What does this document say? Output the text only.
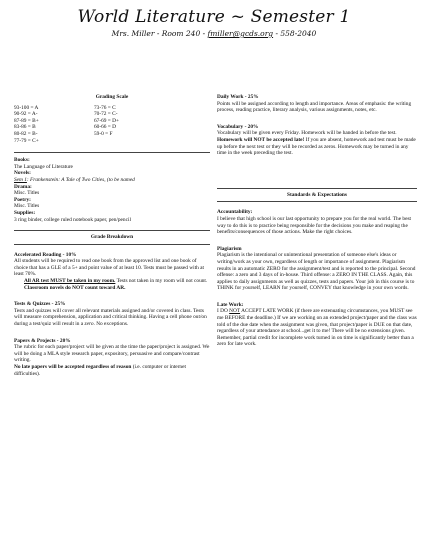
World Literature ~ Semester 1
Mrs. Miller - Room 240 - fmiller@gcds.org - 558-2040
Grading Scale
93-100 = A	73-76 = C
90-92 = A-	70-72 = C-
87-89 = B+	67-69 = D+
83-86 = B	60-66 = D
80-82 = B-	59-0 = F
77-79 = C+

Books:

The Language of Literature

Novels:

Sem 1: Frankenstein: A Tale of Two Cities, (to be named

Drama:

Misc. Titles

Poetry:

Misc. Titles

Supplies:

3 ring binder, college ruled notebook paper, pen/pencil

Grade Breakdown

Accelerated Reading - 10%

All students will be required to read one book from the approved list and one book of choice that has a GLE of a 5+ and point value of at least 10. Tests must be passed with at least 70%.

All AR test MUST be taken in my room. Tests not taken in my room will not count.

Classroom novels do NOT count toward AR.

Tests & Quizzes - 25%

Tests and quizzes will cover all relevant materials assigned and/or covered in class. Tests will measure comprehension, application and critical thinking. Having a cell phone out/on during a test/quiz will result in a zero. No exceptions.

Papers & Projects - 20%

The rubric for each paper/project will be given at the time the paper/project is assigned. We will be doing a MLA style research paper, expository, persuasive and compare/contrast writing.

No late papers will be accepted regardless of reason (i.e. computer or internet difficulties).

Daily Work - 25%

Points will be assigned according to length and importance. Areas of emphasis: the writing process, reading practice, literary analysis, various assignments, notes, etc.

Vocabulary - 20%

Vocabulary will be given every Friday. Homework will be handed in before the test. Homework will NOT be accepted late! If you are absent, homework and test must be made up before the next test or they will be recorded as zeros. Homework may be turned in any time in the week preceding the test.

Standards & Expectations

Accountability:

I believe that high school is our last opportunity to prepare you for the real world. The best way to do this is to practice being responsible for the decisions you make and reaping the benefits/consequences of those actions. Make the right choices.

Plagiarism

Plagiarism is the intentional or unintentional presentation of someone else's ideas or writing/work as your own, regardless of length or importance of assignment. Plagiarism results in an automatic ZERO for the assignment/test and is reported to the principal. Second offense: a zero and 3 days of in-house. Third offense: a ZERO IN THE CLASS. Again, this applies to daily assignments as well as quizzes, tests and papers. Your job in this course is to THINK for yourself, LEARN for yourself, CONVEY that knowledge in your own words.

Late Work:

I DO NOT ACCEPT LATE WORK (if there are extenuating circumstances, you MUST see me BEFORE the deadline.) If we are working on an extended project/paper and the class was told of the due date when the assignment was given, that project/paper is DUE on that date, regardless of your attendance at school...get it to me! There will be no extensions given. Remember, partial credit for incomplete work turned in on time is significantly better than a zero for late work.
